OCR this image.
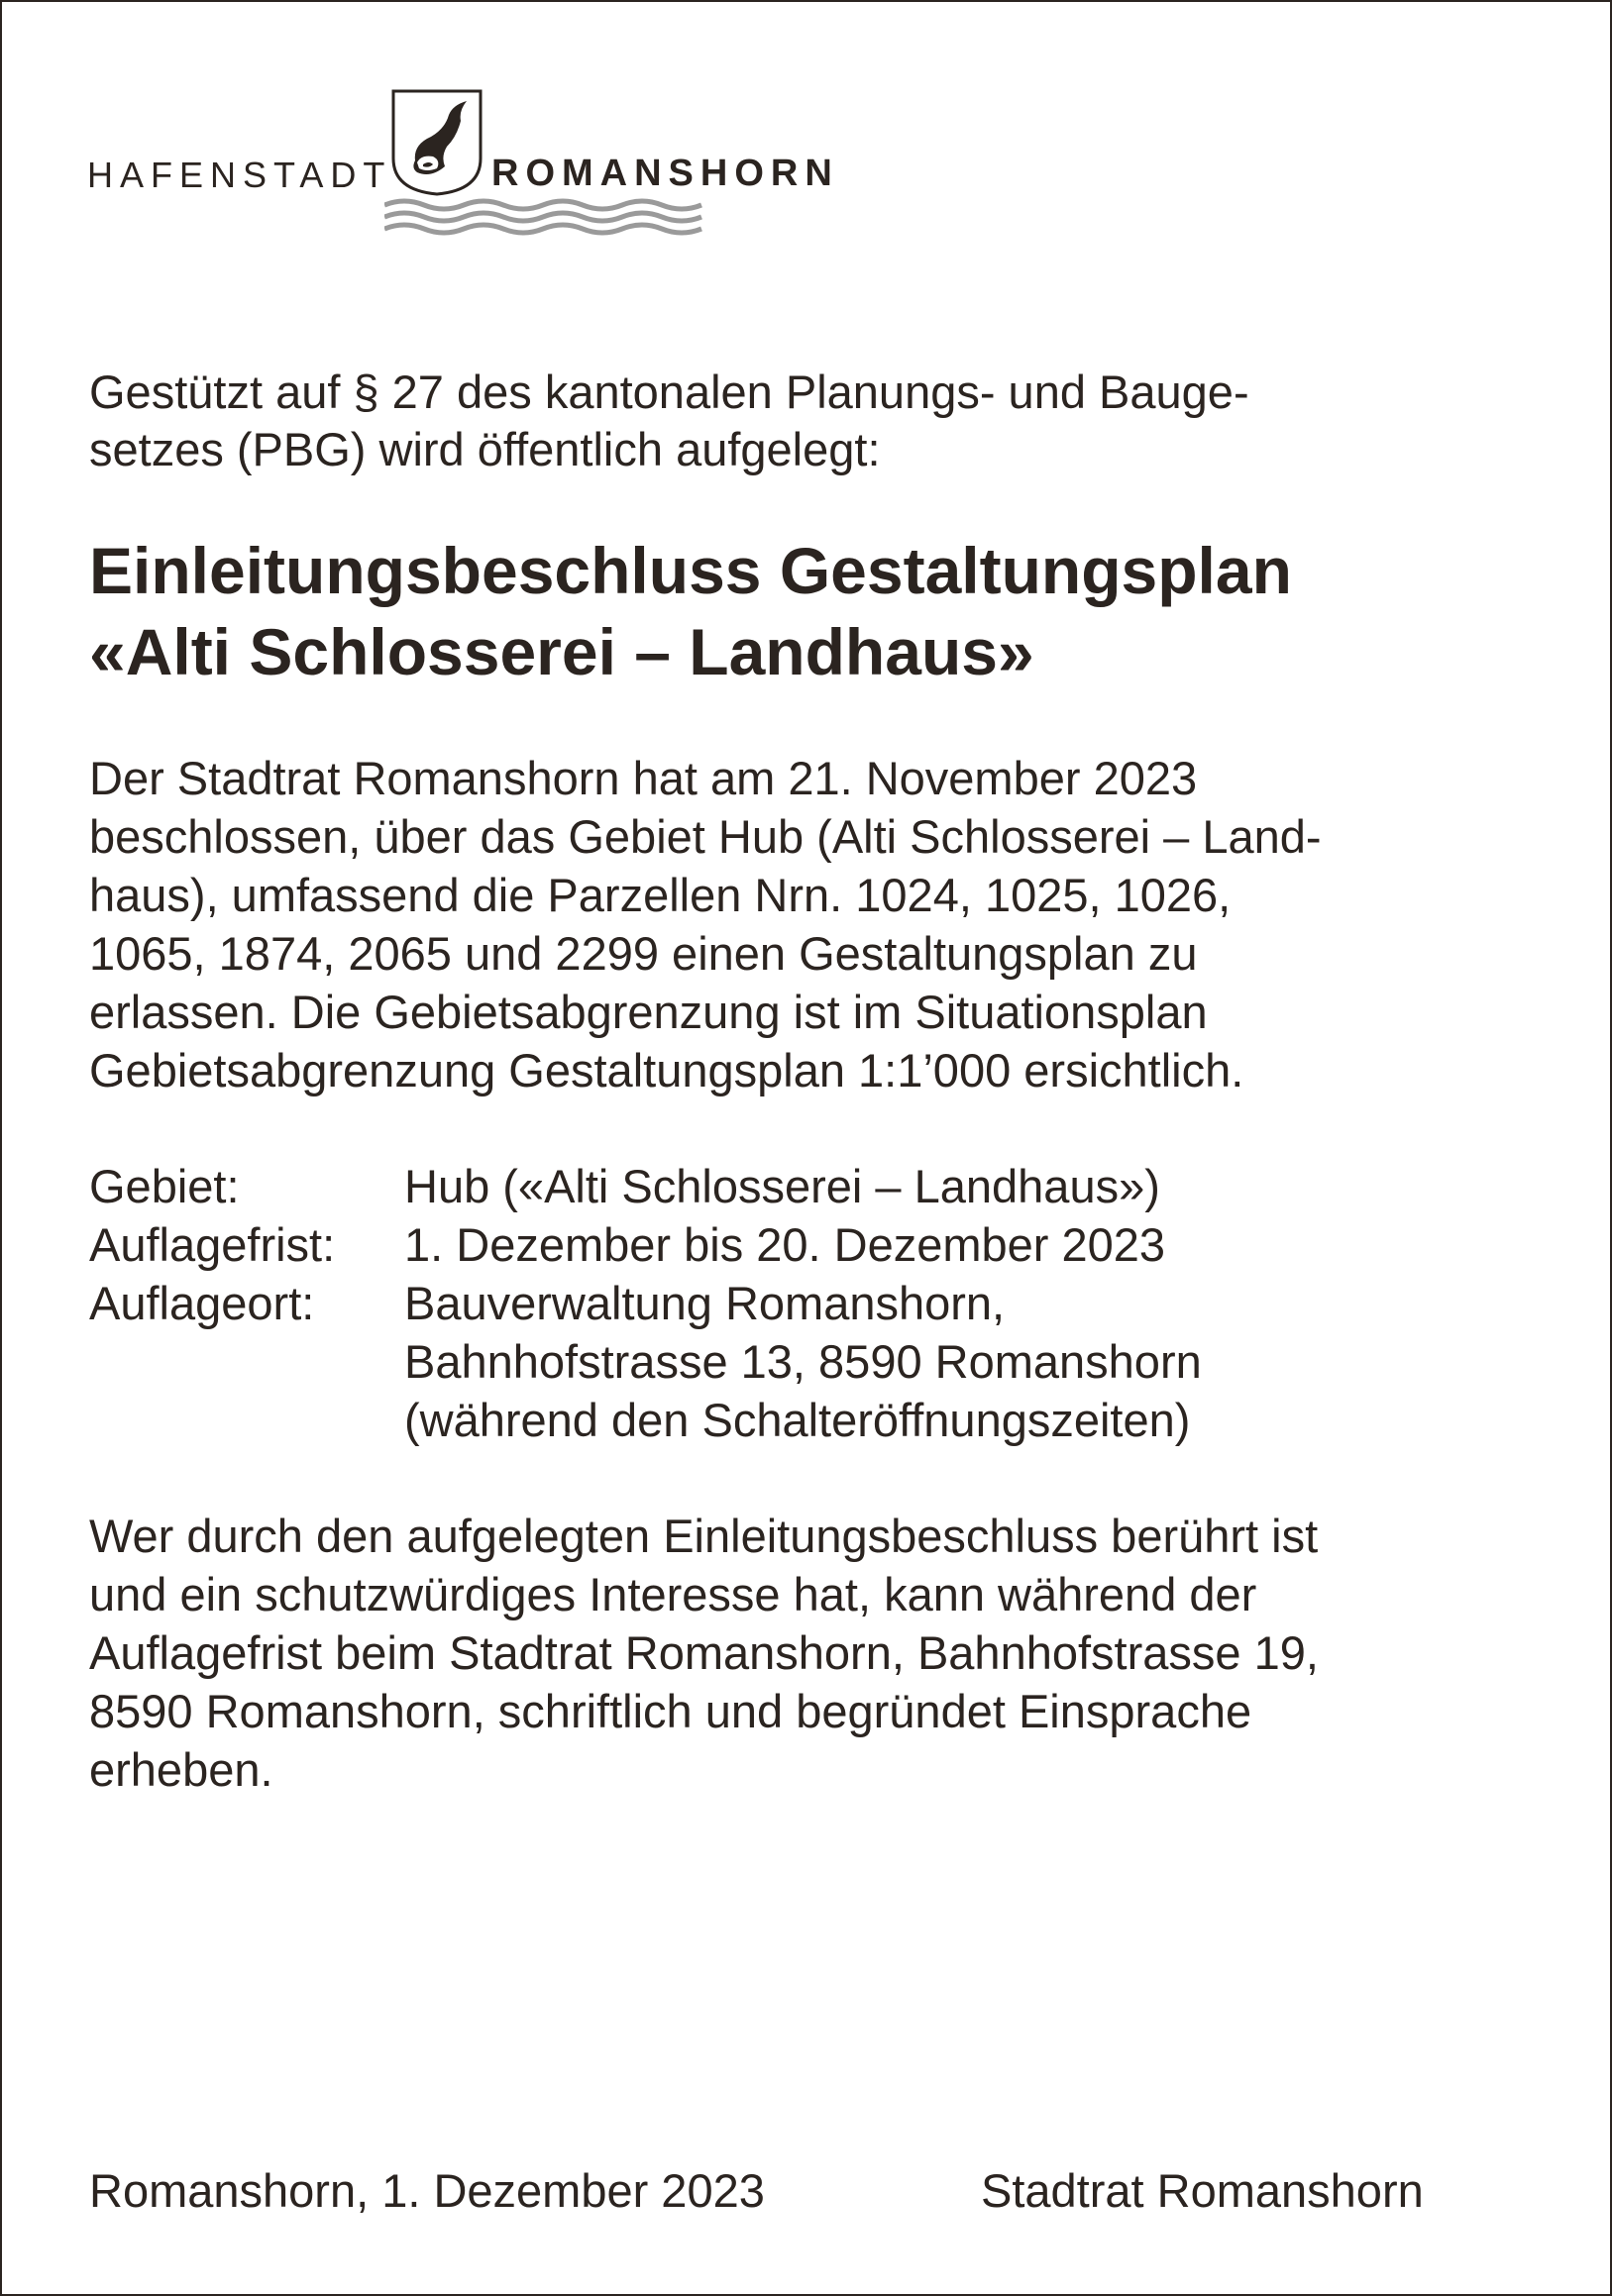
HAFENSTADT	ROMANSHORN

Gestützt auf § 27 des kantonalen Planungs- und Bauge-
setzes (PBG) wird öffentlich aufgelegt:

Einleitungsbeschluss Gestaltungsplan
«Alti Schlosserei – Landhaus»

Der Stadtrat Romanshorn hat am 21. November 2023
beschlossen, über das Gebiet Hub (Alti Schlosserei – Land-
haus), umfassend die Parzellen Nrn. 1024, 1025, 1026,
1065, 1874, 2065 und 2299 einen Gestaltungsplan zu
erlassen. Die Gebietsabgrenzung ist im Situationsplan
Gebietsabgrenzung Gestaltungsplan 1:1’000 ersichtlich.

Gebiet:	Hub («Alti Schlosserei – Landhaus»)
Auflagefrist:	1. Dezember bis 20. Dezember 2023
Auflageort:	Bauverwaltung Romanshorn,
Bahnhofstrasse 13, 8590 Romanshorn
(während den Schalteröffnungszeiten)

Wer durch den aufgelegten Einleitungsbeschluss berührt ist
und ein schutzwürdiges Interesse hat, kann während der
Auflagefrist beim Stadtrat Romanshorn, Bahnhofstrasse 19,
8590 Romanshorn, schriftlich und begründet Einsprache
erheben.

Romanshorn, 1. Dezember 2023	Stadtrat Romanshorn
